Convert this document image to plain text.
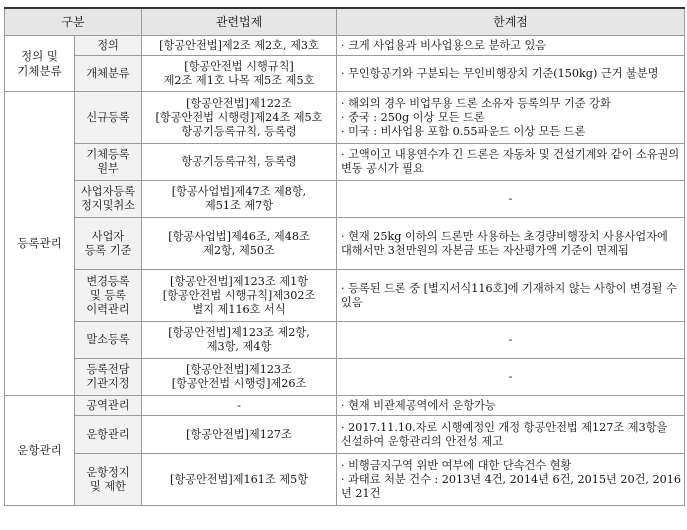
구분		관련법제	한계점

정의 및
기체분류	정의	[항공안전법]제2조 제2호, 제3호	· 크게 사업용과 비사업용으로 분하고 있음

	개체분류	[항공안전법 시행규칙]
제2조 제1호 나목 제5조 제5호	· 무인항공기와 구분되는 무인비행장치 기준(150kg) 근거 불분명

등록관리	신규등록	[항공안전법]제122조
[항공안전법 시행령]제24조 제5호
항공기등록규칙, 등록령	· 해외의 경우 비업무용 드론 소유자 등록의무 기준 강화
· 중국 : 250g 이상 모든 드론
· 미국 : 비사업용 포함 0.55파운드 이상 모든 드론

	기체등록
원부	항공기등록규칙, 등록령	· 고액이고 내용연수가 긴 드론은 자동차 및 건설기계와 같이 소유권의 변동 공시가 필요

	사업자등록
정지및취소	[항공사업법]제47조 제8항,
제51조 제7항	-

	사업자
등록 기준	[항공사업법]제46조, 제48조
제2항, 제50조	· 현재 25kg 이하의 드론만 사용하는 초경량비행장치 사용사업자에 대해서만 3천만원의 자본금 또는 자산평가액 기준이 면제됨

	변경등록
및 등록
이력관리	[항공안전법]제123조 제1항
[항공안전법 시행규칙]제302조
별지 제116호 서식	· 등록된 드론 중 [별지서식116호]에 기재하지 않는 사항이 변경될 수 있음

	말소등록	[항공안전법]제123조 제2항,
제3항, 제4항	-

	등록전담
기관지정	[항공안전법]제123조
[항공안전법 시행령]제26조	-

운항관리	공역관리	-	· 현재 비관제공역에서 운항가능

	운항관리	[항공안전법]제127조	· 2017.11.10.자로 시행예정인 개정 항공안전법 제127조 제3항을 신설하여 운항관리의 안전성 제고

	운항정지
및 제한	[항공안전법]제161조 제5항	· 비행금지구역 위반 여부에 대한 단속건수 현황
· 과태료 처분 건수 : 2013년 4건, 2014년 6건, 2015년 20건, 2016년 21건
